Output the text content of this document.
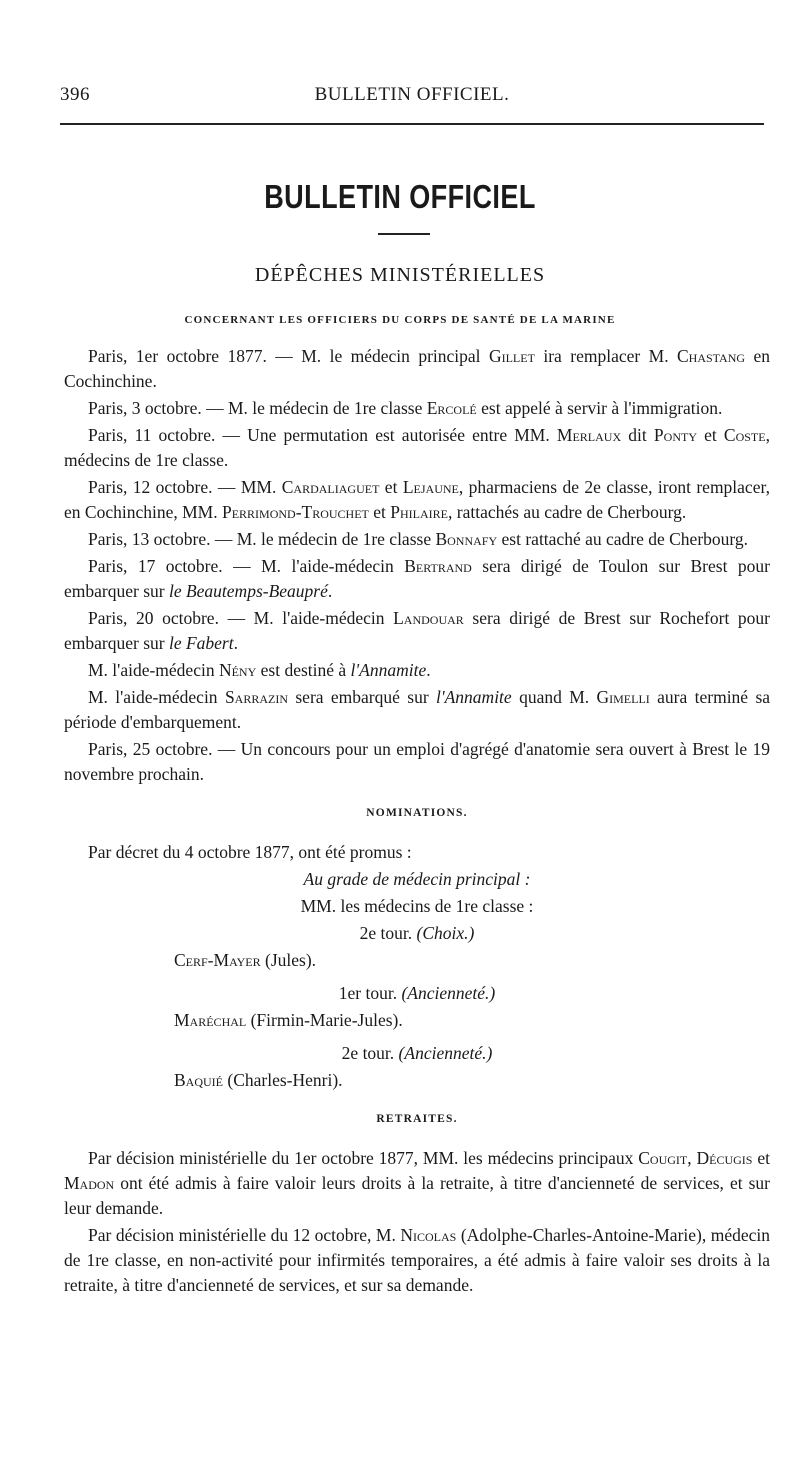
396	BULLETIN OFFICIEL.
BULLETIN OFFICIEL
DÉPÊCHES MINISTÉRIELLES
CONCERNANT LES OFFICIERS DU CORPS DE SANTÉ DE LA MARINE

Paris, 1er octobre 1877. — M. le médecin principal Gillet ira remplacer M. Chastang en Cochinchine.

Paris, 3 octobre. — M. le médecin de 1re classe Ercolé est appelé à servir à l'immigration.

Paris, 11 octobre. — Une permutation est autorisée entre MM. Merlaux dit Ponty et Coste, médecins de 1re classe.

Paris, 12 octobre. — MM. Cardaliaguet et Lejaune, pharmaciens de 2e classe, iront remplacer, en Cochinchine, MM. Perrimond-Trouchet et Philaire, rattachés au cadre de Cherbourg.

Paris, 13 octobre. — M. le médecin de 1re classe Bonnafy est rattaché au cadre de Cherbourg.

Paris, 17 octobre. — M. l'aide-médecin Bertrand sera dirigé de Toulon sur Brest pour embarquer sur le Beautemps-Beaupré.

Paris, 20 octobre. — M. l'aide-médecin Landouar sera dirigé de Brest sur Rochefort pour embarquer sur le Fabert.

M. l'aide-médecin Nény est destiné à l'Annamite.

M. l'aide-médecin Sarrazin sera embarqué sur l'Annamite quand M. Gimelli aura terminé sa période d'embarquement.

Paris, 25 octobre. — Un concours pour un emploi d'agrégé d'anatomie sera ouvert à Brest le 19 novembre prochain.

NOMINATIONS.

Par décret du 4 octobre 1877, ont été promus :

Au grade de médecin principal :

MM. les médecins de 1re classe :

2e tour. (Choix.)

Cerf-Mayer (Jules).

1er tour. (Ancienneté.)

Maréchal (Firmin-Marie-Jules).

2e tour. (Ancienneté.)

Baquié (Charles-Henri).

RETRAITES.

Par décision ministérielle du 1er octobre 1877, MM. les médecins principaux Cougit, Décugis et Madon ont été admis à faire valoir leurs droits à la retraite, à titre d'ancienneté de services, et sur leur demande.

Par décision ministérielle du 12 octobre, M. Nicolas (Adolphe-Charles-Antoine-Marie), médecin de 1re classe, en non-activité pour infirmités temporaires, a été admis à faire valoir ses droits à la retraite, à titre d'ancienneté de services, et sur sa demande.
